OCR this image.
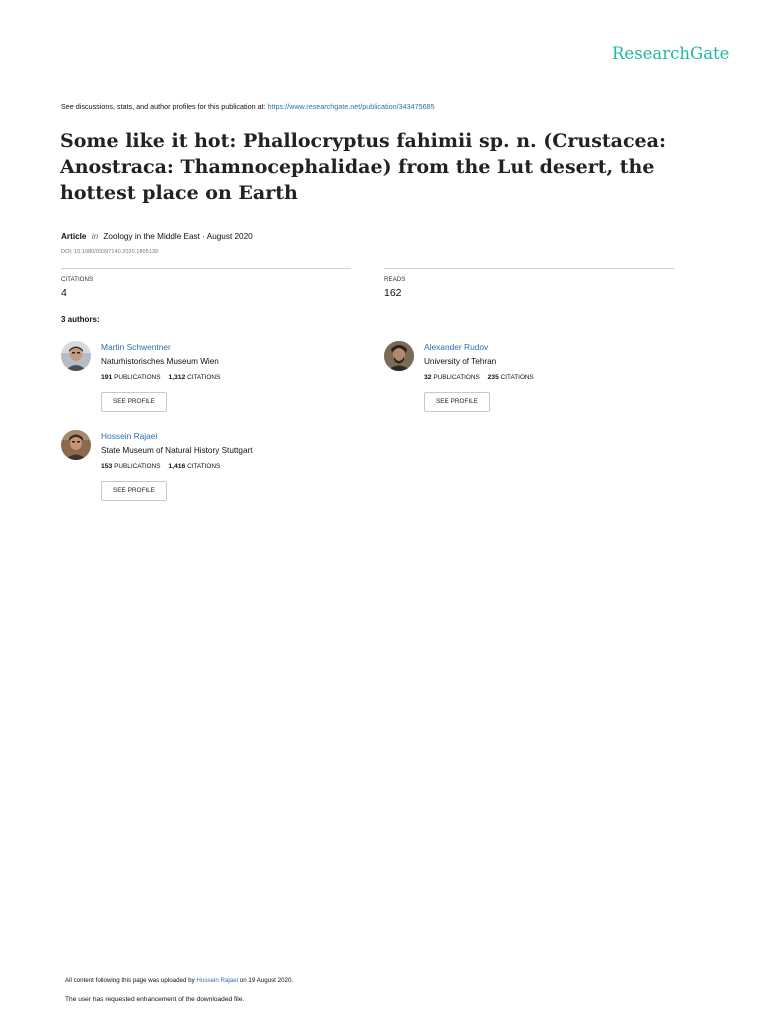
ResearchGate
See discussions, stats, and author profiles for this publication at: https://www.researchgate.net/publication/343475685
Some like it hot: Phallocryptus fahimii sp. n. (Crustacea: Anostraca: Thamnocephalidae) from the Lut desert, the hottest place on Earth
Article in Zoology in the Middle East · August 2020
DOI: 10.1080/09397140.2020.1805139
CITATIONS
4
READS
162
3 authors:
Martin Schwentner
Naturhistorisches Museum Wien
191 PUBLICATIONS 1,312 CITATIONS
SEE PROFILE
Alexander Rudov
University of Tehran
32 PUBLICATIONS 235 CITATIONS
SEE PROFILE
Hossein Rajaei
State Museum of Natural History Stuttgart
153 PUBLICATIONS 1,416 CITATIONS
SEE PROFILE
All content following this page was uploaded by Hossein Rajaei on 19 August 2020.
The user has requested enhancement of the downloaded file.
